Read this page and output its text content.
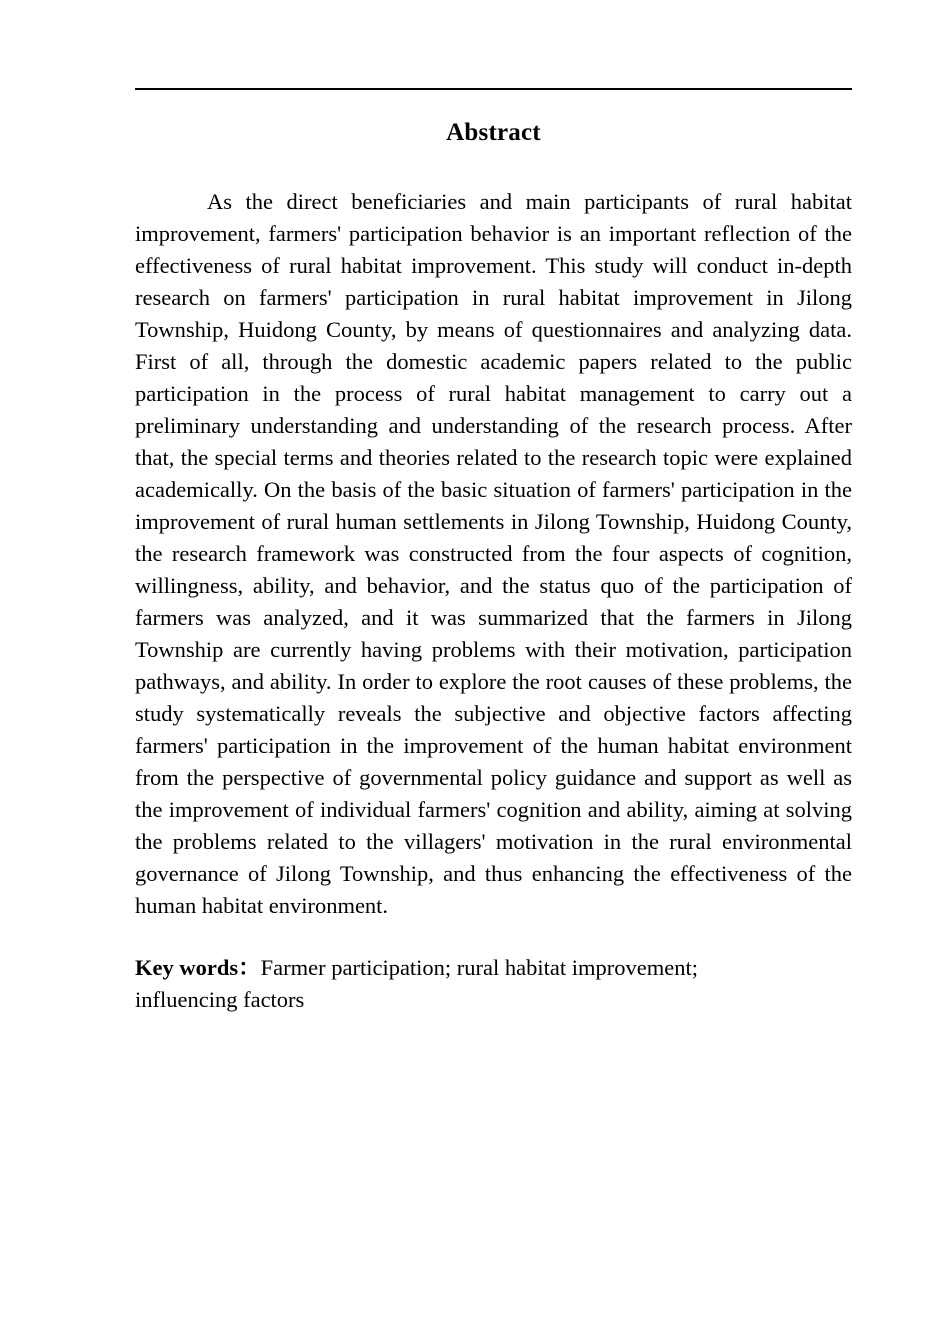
Abstract

As the direct beneficiaries and main participants of rural habitat improvement, farmers' participation behavior is an important reflection of the effectiveness of rural habitat improvement. This study will conduct in-depth research on farmers' participation in rural habitat improvement in Jilong Township, Huidong County, by means of questionnaires and analyzing data. First of all, through the domestic academic papers related to the public participation in the process of rural habitat management to carry out a preliminary understanding and understanding of the research process. After that, the special terms and theories related to the research topic were explained academically. On the basis of the basic situation of farmers' participation in the improvement of rural human settlements in Jilong Township, Huidong County, the research framework was constructed from the four aspects of cognition, willingness, ability, and behavior, and the status quo of the participation of farmers was analyzed, and it was summarized that the farmers in Jilong Township are currently having problems with their motivation, participation pathways, and ability. In order to explore the root causes of these problems, the study systematically reveals the subjective and objective factors affecting farmers' participation in the improvement of the human habitat environment from the perspective of governmental policy guidance and support as well as the improvement of individual farmers' cognition and ability, aiming at solving the problems related to the villagers' motivation in the rural environmental governance of Jilong Township, and thus enhancing the effectiveness of the human habitat environment.

Key words：Farmer participation; rural habitat improvement; influencing factors
